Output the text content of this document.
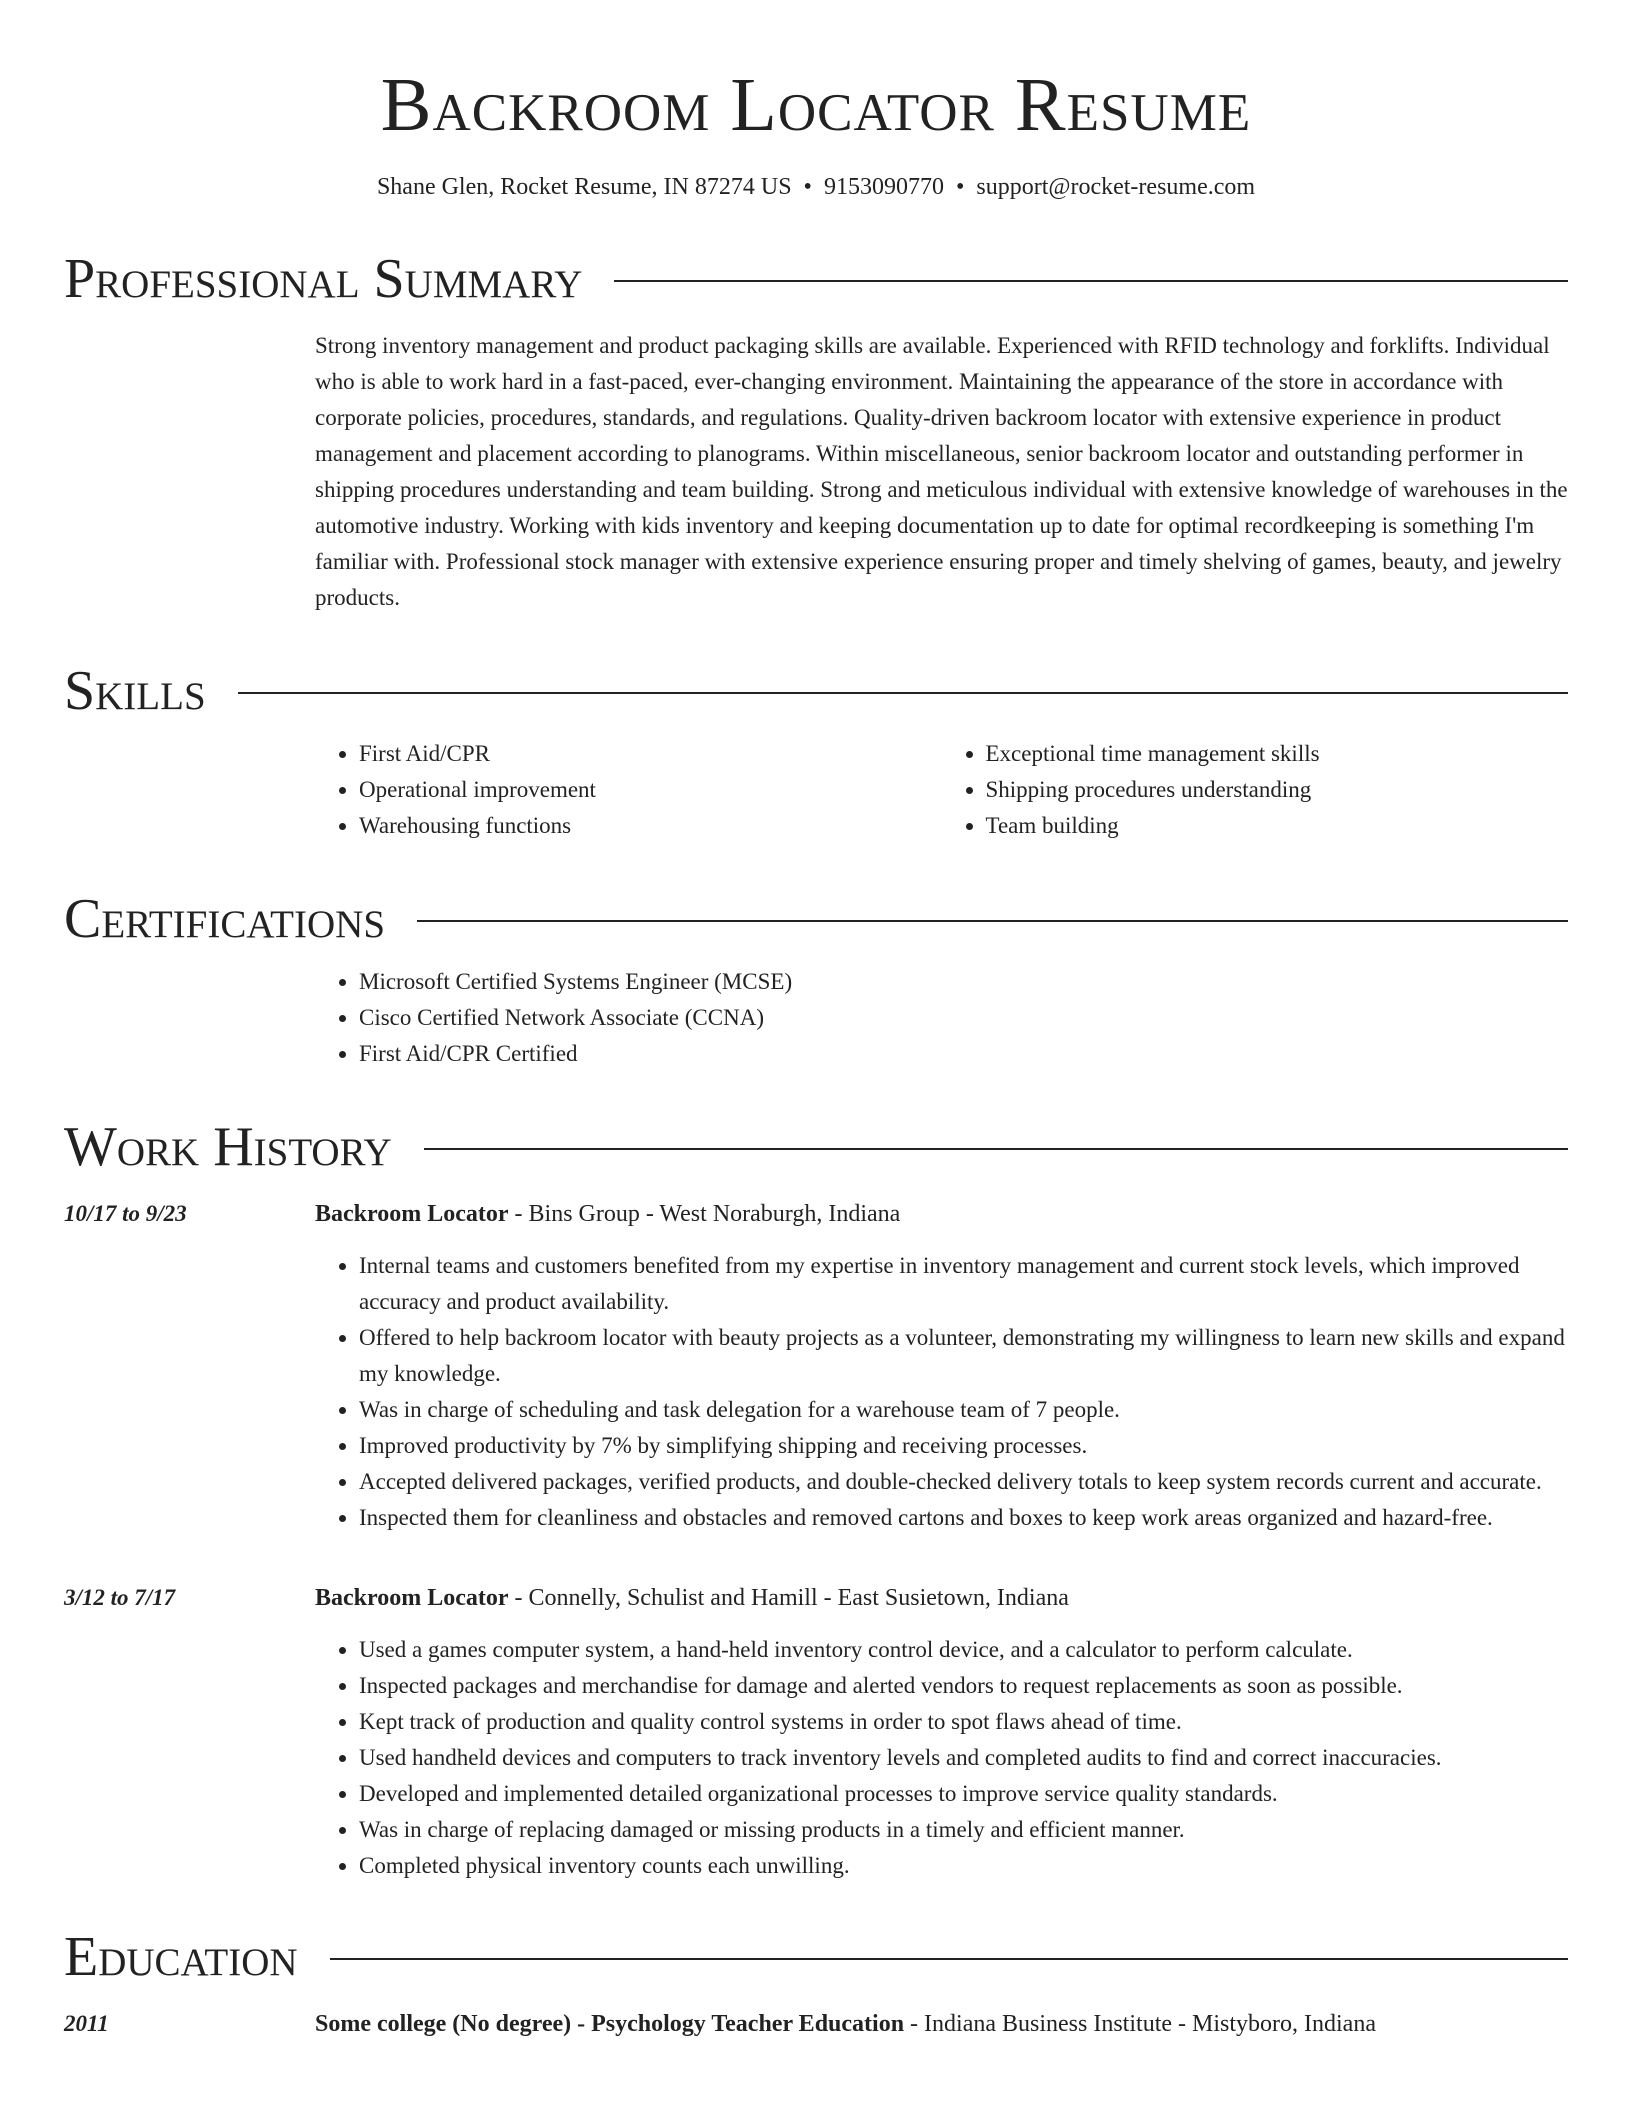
Backroom Locator Resume
Shane Glen, Rocket Resume, IN 87274 US • 9153090770 • support@rocket-resume.com
Professional Summary
Strong inventory management and product packaging skills are available. Experienced with RFID technology and forklifts. Individual who is able to work hard in a fast-paced, ever-changing environment. Maintaining the appearance of the store in accordance with corporate policies, procedures, standards, and regulations. Quality-driven backroom locator with extensive experience in product management and placement according to planograms. Within miscellaneous, senior backroom locator and outstanding performer in shipping procedures understanding and team building. Strong and meticulous individual with extensive knowledge of warehouses in the automotive industry. Working with kids inventory and keeping documentation up to date for optimal recordkeeping is something I'm familiar with. Professional stock manager with extensive experience ensuring proper and timely shelving of games, beauty, and jewelry products.
Skills
• First Aid/CPR
• Operational improvement
• Warehousing functions
• Exceptional time management skills
• Shipping procedures understanding
• Team building
Certifications
• Microsoft Certified Systems Engineer (MCSE)
• Cisco Certified Network Associate (CCNA)
• First Aid/CPR Certified
Work History
10/17 to 9/23	Backroom Locator - Bins Group - West Noraburgh, Indiana
• Internal teams and customers benefited from my expertise in inventory management and current stock levels, which improved accuracy and product availability.
• Offered to help backroom locator with beauty projects as a volunteer, demonstrating my willingness to learn new skills and expand my knowledge.
• Was in charge of scheduling and task delegation for a warehouse team of 7 people.
• Improved productivity by 7% by simplifying shipping and receiving processes.
• Accepted delivered packages, verified products, and double-checked delivery totals to keep system records current and accurate.
• Inspected them for cleanliness and obstacles and removed cartons and boxes to keep work areas organized and hazard-free.
3/12 to 7/17	Backroom Locator - Connelly, Schulist and Hamill - East Susietown, Indiana
• Used a games computer system, a hand-held inventory control device, and a calculator to perform calculate.
• Inspected packages and merchandise for damage and alerted vendors to request replacements as soon as possible.
• Kept track of production and quality control systems in order to spot flaws ahead of time.
• Used handheld devices and computers to track inventory levels and completed audits to find and correct inaccuracies.
• Developed and implemented detailed organizational processes to improve service quality standards.
• Was in charge of replacing damaged or missing products in a timely and efficient manner.
• Completed physical inventory counts each unwilling.
Education
2011	Some college (No degree) - Psychology Teacher Education - Indiana Business Institute - Mistyboro, Indiana
